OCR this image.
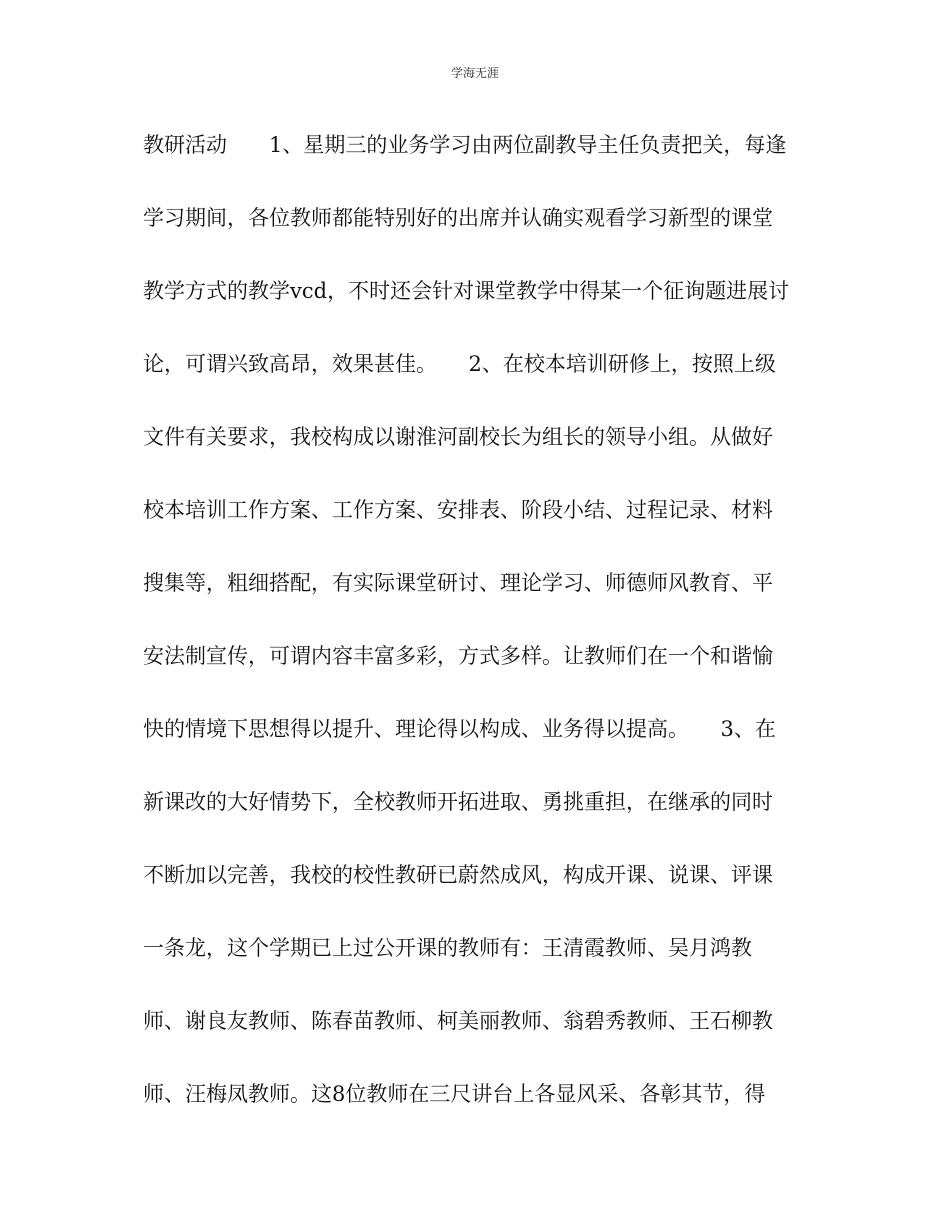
学海无涯
教研活动　　1、星期三的业务学习由两位副教导主任负责把关，每逢
学习期间，各位教师都能特别好的出席并认确实观看学习新型的课堂
教学方式的教学vcd，不时还会针对课堂教学中得某一个征询题进展讨
论，可谓兴致高昂，效果甚佳。　　2、在校本培训研修上，按照上级
文件有关要求，我校构成以谢淮河副校长为组长的领导小组。从做好
校本培训工作方案、工作方案、安排表、阶段小结、过程记录、材料
搜集等，粗细搭配，有实际课堂研讨、理论学习、师德师风教育、平
安法制宣传，可谓内容丰富多彩，方式多样。让教师们在一个和谐愉
快的情境下思想得以提升、理论得以构成、业务得以提高。　　3、在
新课改的大好情势下，全校教师开拓进取、勇挑重担，在继承的同时
不断加以完善，我校的校性教研已蔚然成风，构成开课、说课、评课
一条龙，这个学期已上过公开课的教师有：王清霞教师、吴月鸿教
师、谢良友教师、陈春苗教师、柯美丽教师、翁碧秀教师、王石柳教
师、汪梅凤教师。这8位教师在三尺讲台上各显风采、各彰其节，得
